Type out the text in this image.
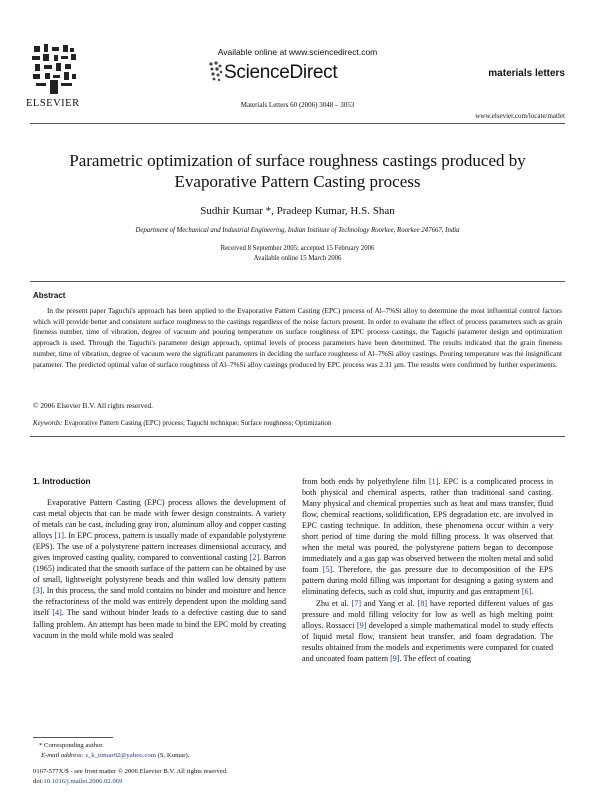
ELSEVIER
Available online at www.sciencedirect.com
ScienceDirect
Materials Letters 60 (2006) 3048 – 3053
materials letters
www.elsevier.com/locate/matlet
Parametric optimization of surface roughness castings produced by Evaporative Pattern Casting process
Sudhir Kumar *, Pradeep Kumar, H.S. Shan
Department of Mechanical and Industrial Engineering, Indian Institute of Technology Roorkee, Roorkee 247667, India
Received 8 September 2005; accepted 15 February 2006
Available online 15 March 2006
Abstract
In the present paper Taguchi's approach has been applied to the Evaporative Pattern Casting (EPC) process of Al–7%Si alloy to determine the most influential control factors which will provide better and consistent surface roughness to the castings regardless of the noise factors present. In order to evaluate the effect of process parameters such as grain fineness number, time of vibration, degree of vacuum and pouring temperature on surface roughness of EPC process castings, the Taguchi parameter design and optimization approach is used. Through the Taguchi's parameter design approach, optimal levels of process parameters have been determined. The results indicated that the grain fineness number, time of vibration, degree of vacuum were the significant parameters in deciding the surface roughness of Al–7%Si alloy castings. Pouring temperature was the insignificant parameter. The predicted optimal value of surface roughness of Al–7%Si alloy castings produced by EPC process was 2.31 µm. The results were confirmed by further experiments.
© 2006 Elsevier B.V. All rights reserved.
Keywords: Evaporative Pattern Casting (EPC) process; Taguchi technique; Surface roughness; Optimization
1. Introduction

Evaporative Pattern Casting (EPC) process allows the development of cast metal objects that can be made with fewer design constraints. A variety of metals can be cast, including gray iron, aluminum alloy and copper casting alloys [1]. In EPC process, pattern is usually made of expandable polystyrene (EPS). The use of a polystyrene pattern increases dimensional accuracy, and gives improved casting quality, compared to conventional casting [2]. Barron (1965) indicated that the smooth surface of the pattern can be obtained by use of small, lightweight polystyrene beads and thin walled low density pattern [3]. In this process, the sand mold contains no binder and moisture and hence the refractoriness of the mold was entirely dependent upon the molding sand itself [4]. The sand without binder leads to a defective casting due to sand falling problem. An attempt has been made to bind the EPC mold by creating vacuum in the mold while mold was sealed

from both ends by polyethylene film [1]. EPC is a complicated process in both physical and chemical aspects, rather than traditional sand casting. Many physical and chemical properties such as heat and mass transfer, fluid flow, chemical reactions, solidification, EPS degradation etc. are involved in EPC casting technique. In addition, these phenomena occur within a very short period of time during the mold filling process. It was observed that when the metal was poured, the polystyrene pattern began to decompose immediately and a gas gap was observed between the molten metal and solid foam [5]. Therefore, the gas pressure due to decomposition of the EPS pattern during mold filling was important for designing a gating system and eliminating defects, such as cold shut, impurity and gas entrapment [6].

Zhu et al. [7] and Yang et al. [8] have reported different values of gas pressure and mold filling velocity for low as well as high melting point alloys. Rossacci [9] developed a simple mathematical model to study effects of liquid metal flow, transient heat transfer, and foam degradation. The results obtained from the models and experiments were compared for coated and uncoated foam pattern [9]. The effect of coating

* Corresponding author.
E-mail address: s_k_tomar02@yahoo.com (S. Kumar).
0167-577X/$ - see front matter © 2006 Elsevier B.V. All rights reserved.
doi:10.1016/j.matlet.2006.02.069
